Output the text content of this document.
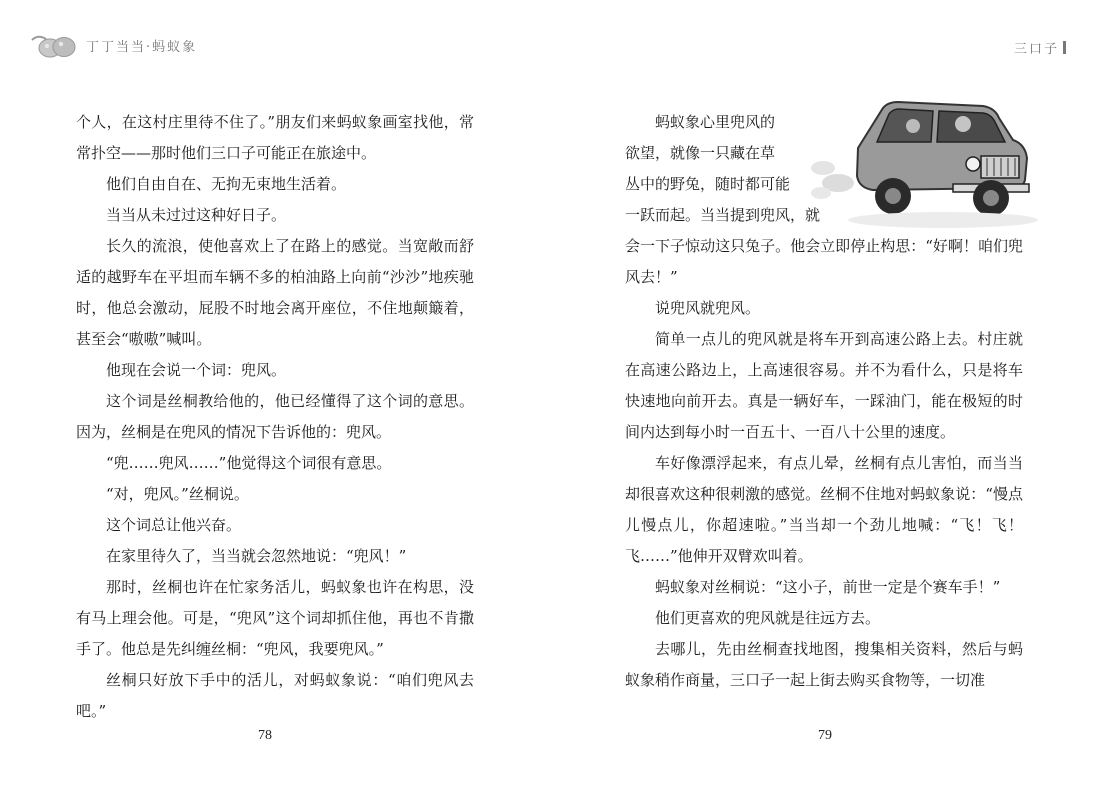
丁丁当当·蚂蚁象

个人，在这村庄里待不住了。”朋友们来蚂蚁象画室找他，常常扑空——那时他们三口子可能正在旅途中。

他们自由自在、无拘无束地生活着。

当当从未过过这种好日子。

长久的流浪，使他喜欢上了在路上的感觉。当宽敞而舒适的越野车在平坦而车辆不多的柏油路上向前“沙沙”地疾驰时，他总会激动，屁股不时地会离开座位，不住地颠簸着，甚至会“嗷嗷”喊叫。

他现在会说一个词：兜风。

这个词是丝桐教给他的，他已经懂得了这个词的意思。因为，丝桐是在兜风的情况下告诉他的：兜风。

“兜……兜风……”他觉得这个词很有意思。

“对，兜风。”丝桐说。

这个词总让他兴奋。

在家里待久了，当当就会忽然地说：“兜风！”

那时，丝桐也许在忙家务活儿，蚂蚁象也许在构思，没有马上理会他。可是，“兜风”这个词却抓住他，再也不肯撒手了。他总是先纠缠丝桐：“兜风，我要兜风。”

丝桐只好放下手中的活儿，对蚂蚁象说：“咱们兜风去吧。”

78
三口子
蚂蚁象心里兜风的
欲望，就像一只藏在草
丛中的野兔，随时都可能
一跃而起。当当提到兜风，就

会一下子惊动这只兔子。他会立即停止构思：“好啊！咱们兜风去！”

说兜风就兜风。

简单一点儿的兜风就是将车开到高速公路上去。村庄就在高速公路边上，上高速很容易。并不为看什么，只是将车快速地向前开去。真是一辆好车，一踩油门，能在极短的时间内达到每小时一百五十、一百八十公里的速度。

车好像漂浮起来，有点儿晕，丝桐有点儿害怕，而当当却很喜欢这种很刺激的感觉。丝桐不住地对蚂蚁象说：“慢点儿慢点儿，你超速啦。”当当却一个劲儿地喊：“飞！飞！飞……”他伸开双臂欢叫着。

蚂蚁象对丝桐说：“这小子，前世一定是个赛车手！”

他们更喜欢的兜风就是往远方去。

去哪儿，先由丝桐查找地图，搜集相关资料，然后与蚂蚁象稍作商量，三口子一起上街去购买食物等，一切准

79
